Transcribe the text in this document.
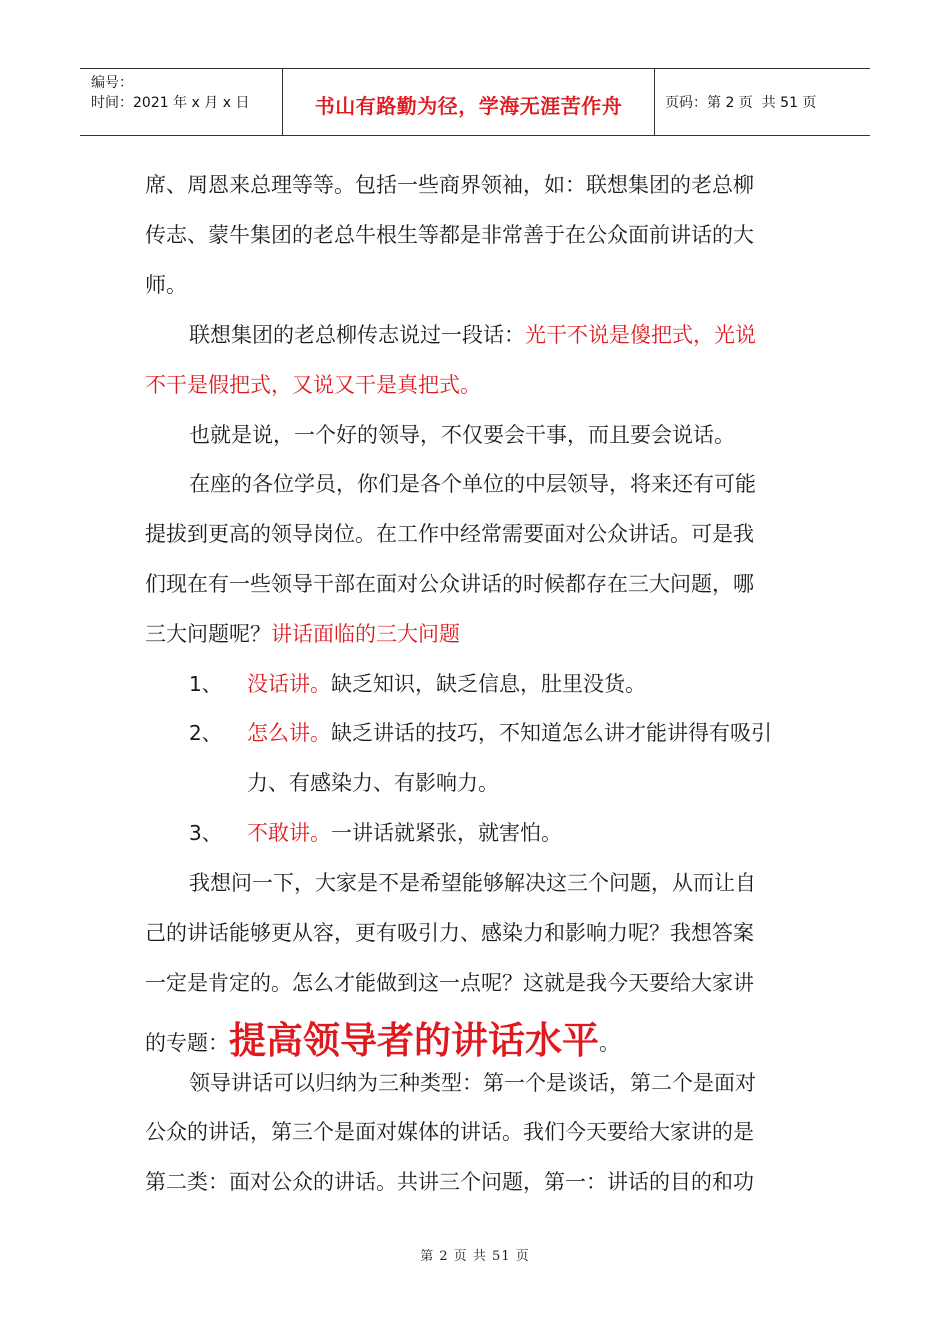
编号：
时间：2021 年 x 月 x 日	书山有路勤为径，学海无涯苦作舟	页码：第 2 页  共 51 页
席、周恩来总理等等。包括一些商界领袖，如：联想集团的老总柳
传志、蒙牛集团的老总牛根生等都是非常善于在公众面前讲话的大
师。
联想集团的老总柳传志说过一段话：光干不说是傻把式，光说
不干是假把式，又说又干是真把式。
也就是说，一个好的领导，不仅要会干事，而且要会说话。
在座的各位学员，你们是各个单位的中层领导，将来还有可能
提拔到更高的领导岗位。在工作中经常需要面对公众讲话。可是我
们现在有一些领导干部在面对公众讲话的时候都存在三大问题，哪
三大问题呢？讲话面临的三大问题
1、 没话讲。缺乏知识，缺乏信息，肚里没货。
2、 怎么讲。缺乏讲话的技巧，不知道怎么讲才能讲得有吸引
力、有感染力、有影响力。
3、 不敢讲。一讲话就紧张，就害怕。
我想问一下，大家是不是希望能够解决这三个问题，从而让自
己的讲话能够更从容，更有吸引力、感染力和影响力呢？我想答案
一定是肯定的。怎么才能做到这一点呢？这就是我今天要给大家讲
的专题：提高领导者的讲话水平。
领导讲话可以归纳为三种类型：第一个是谈话，第二个是面对
公众的讲话，第三个是面对媒体的讲话。我们今天要给大家讲的是
第二类：面对公众的讲话。共讲三个问题，第一：讲话的目的和功
第 2 页 共 51 页
